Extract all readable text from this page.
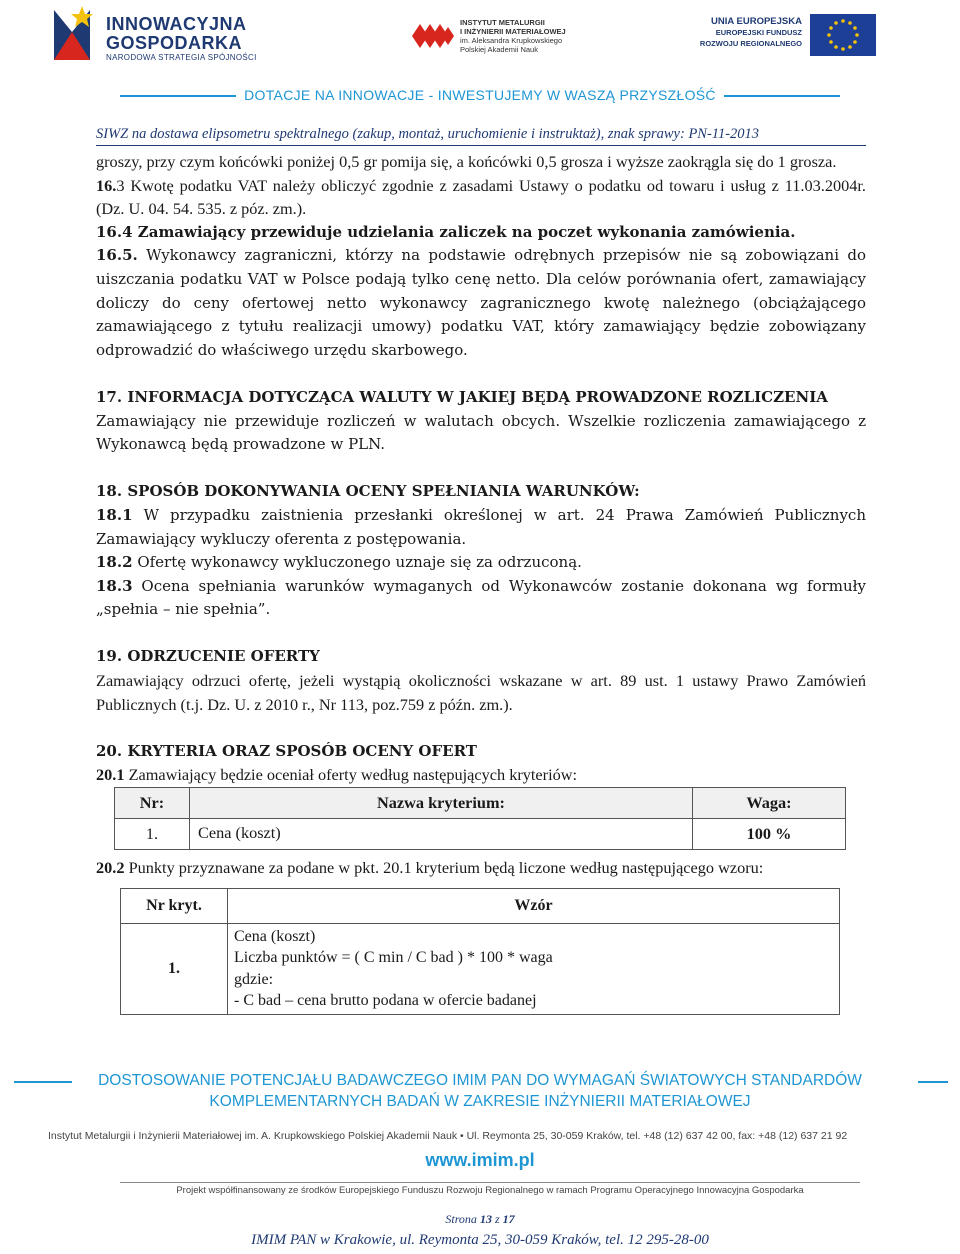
INNOWACYJNA
GOSPODARKA
NARODOWA STRATEGIA SPÓJNOŚCI
INSTYTUT METALURGII
I INŻYNIERII MATERIAŁOWEJ
im. Aleksandra Krupkowskiego
Polskiej Akademii Nauk
UNIA EUROPEJSKA
EUROPEJSKI FUNDUSZ
ROZWOJU REGIONALNEGO
DOTACJE NA INNOWACJE - INWESTUJEMY W WASZĄ PRZYSZŁOŚĆ
SIWZ na dostawa elipsometru spektralnego (zakup, montaż, uruchomienie i instruktaż), znak sprawy: PN-11-2013

groszy, przy czym końcówki poniżej 0,5 gr pomija się, a końcówki 0,5 grosza i wyższe zaokrągla się do 1 grosza.

16.3 Kwotę podatku VAT należy obliczyć zgodnie z zasadami Ustawy o podatku od towaru i usług z 11.03.2004r. (Dz. U. 04. 54. 535. z póz. zm.).

16.4 Zamawiający przewiduje udzielania zaliczek na poczet wykonania zamówienia.

16.5. Wykonawcy zagraniczni, którzy na podstawie odrębnych przepisów nie są zobowiązani do uiszczania podatku VAT w Polsce podają tylko cenę netto. Dla celów porównania ofert, zamawiający doliczy do ceny ofertowej netto wykonawcy zagranicznego kwotę należnego (obciążającego zamawiającego z tytułu realizacji umowy) podatku VAT, który zamawiający będzie zobowiązany odprowadzić do właściwego urzędu skarbowego.

17. INFORMACJA DOTYCZĄCA WALUTY W JAKIEJ BĘDĄ PROWADZONE ROZLICZENIA

Zamawiający nie przewiduje rozliczeń w walutach obcych. Wszelkie rozliczenia zamawiającego z Wykonawcą będą prowadzone w PLN.

18. SPOSÓB DOKONYWANIA OCENY SPEŁNIANIA WARUNKÓW:

18.1 W przypadku zaistnienia przesłanki określonej w art. 24 Prawa Zamówień Publicznych Zamawiający wykluczy oferenta z postępowania.

18.2 Ofertę wykonawcy wykluczonego uznaje się za odrzuconą.

18.3 Ocena spełniania warunków wymaganych od Wykonawców zostanie dokonana wg formuły „spełnia – nie spełnia”.

19. ODRZUCENIE OFERTY

Zamawiający odrzuci ofertę, jeżeli wystąpią okoliczności wskazane w art. 89 ust. 1 ustawy Prawo Zamówień Publicznych (t.j. Dz. U. z 2010 r., Nr 113, poz.759 z późn. zm.).

20. KRYTERIA ORAZ SPOSÓB OCENY OFERT

20.1 Zamawiający będzie oceniał oferty według następujących kryteriów:

Nr:	Nazwa kryterium:	Waga:
1.	Cena (koszt)	100 %

20.2 Punkty przyznawane za podane w pkt. 20.1 kryterium będą liczone według następującego wzoru:

Nr kryt.	Wzór
1.	Cena (koszt)
Liczba punktów = ( C min / C bad ) * 100 * waga
gdzie:
- C bad – cena brutto podana w ofercie badanej
DOSTOSOWANIE POTENCJAŁU BADAWCZEGO IMIM PAN DO WYMAGAŃ ŚWIATOWYCH STANDARDÓW
KOMPLEMENTARNYCH BADAŃ W ZAKRESIE INŻYNIERII MATERIAŁOWEJ
Instytut Metalurgii i Inżynierii Materiałowej im. A. Krupkowskiego Polskiej Akademii Nauk • Ul. Reymonta 25, 30-059 Kraków, tel. +48 (12) 637 42 00, fax: +48 (12) 637 21 92
www.imim.pl
Projekt współfinansowany ze środków Europejskiego Funduszu Rozwoju Regionalnego w ramach Programu Operacyjnego Innowacyjna Gospodarka
Strona 13 z 17
IMIM PAN w Krakowie, ul. Reymonta 25, 30-059 Kraków, tel. 12 295-28-00
